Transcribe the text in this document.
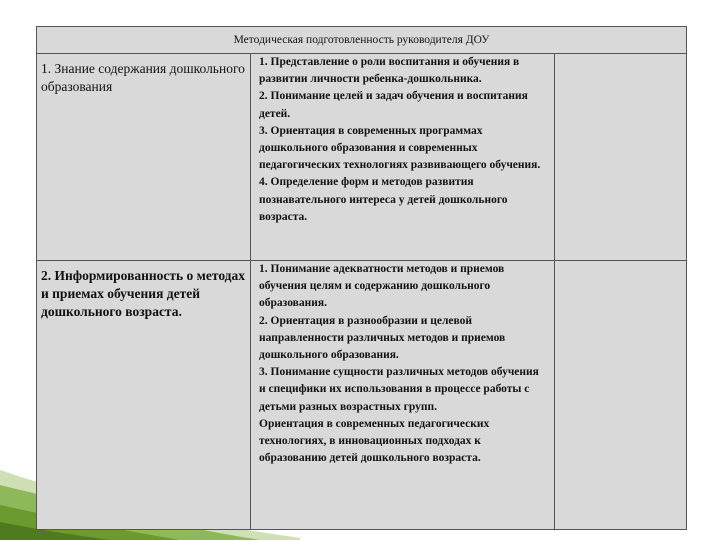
Методическая подготовленность руководителя ДОУ		

1. Знание содержания дошкольного образования	1. Представление о роли воспитания и обучения в развитии личности ребенка-дошкольника.
2. Понимание целей и задач обучения и воспитания детей.
3. Ориентация в современных программах дошкольного образования и современных педагогических технологиях развивающего обучения.
4. Определение форм и методов развития познавательного интереса у детей дошкольного возраста.	

2. Информированность о методах и приемах обучения детей дошкольного возраста.	1. Понимание адекватности методов и приемов обучения целям и содержанию дошкольного образования.
2. Ориентация в разнообразии и целевой направленности различных методов и приемов дошкольного образования.
3. Понимание сущности различных методов обучения и специфики их использования в процессе работы с детьми разных возрастных групп.
Ориентация в современных педагогических технологиях, в инновационных подходах к образованию детей дошкольного возраста.	
